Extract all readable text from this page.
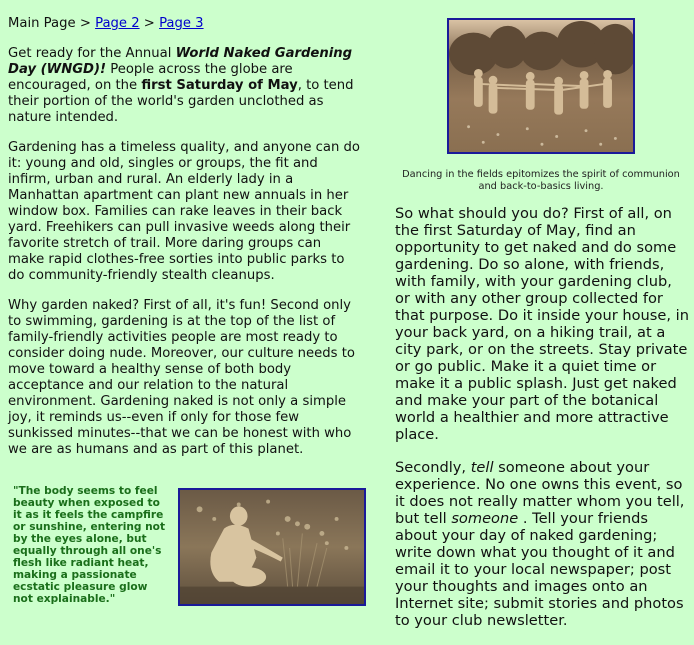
Main Page > Page 2 > Page 3

Get ready for the Annual World Naked Gardening Day (WNGD)! People across the globe are encouraged, on the first Saturday of May, to tend their portion of the world's garden unclothed as nature intended.

Gardening has a timeless quality, and anyone can do it: young and old, singles or groups, the fit and infirm, urban and rural. An elderly lady in a Manhattan apartment can plant new annuals in her window box. Families can rake leaves in their back yard. Freehikers can pull invasive weeds along their favorite stretch of trail. More daring groups can make rapid clothes-free sorties into public parks to do community-friendly stealth cleanups.

Why garden naked? First of all, it's fun! Second only to swimming, gardening is at the top of the list of family-friendly activities people are most ready to consider doing nude. Moreover, our culture needs to move toward a healthy sense of both body acceptance and our relation to the natural environment. Gardening naked is not only a simple joy, it reminds us--even if only for those few sunkissed minutes--that we can be honest with who we are as humans and as part of this planet.

"The body seems to feel beauty when exposed to it as it feels the campfire or sunshine, entering not by the eyes alone, but equally through all one's flesh like radiant heat, making a passionate ecstatic pleasure glow not explainable."
Dancing in the fields epitomizes the spirit of communion and back-to-basics living.

So what should you do? First of all, on the first Saturday of May, find an opportunity to get naked and do some gardening. Do so alone, with friends, with family, with your gardening club, or with any other group collected for that purpose. Do it inside your house, in your back yard, on a hiking trail, at a city park, or on the streets. Stay private or go public. Make it a quiet time or make it a public splash. Just get naked and make your part of the botanical world a healthier and more attractive place.

Secondly, tell someone about your experience. No one owns this event, so it does not really matter whom you tell, but tell someone . Tell your friends about your day of naked gardening; write down what you thought of it and email it to your local newspaper; post your thoughts and images onto an Internet site; submit stories and photos to your club newsletter.
